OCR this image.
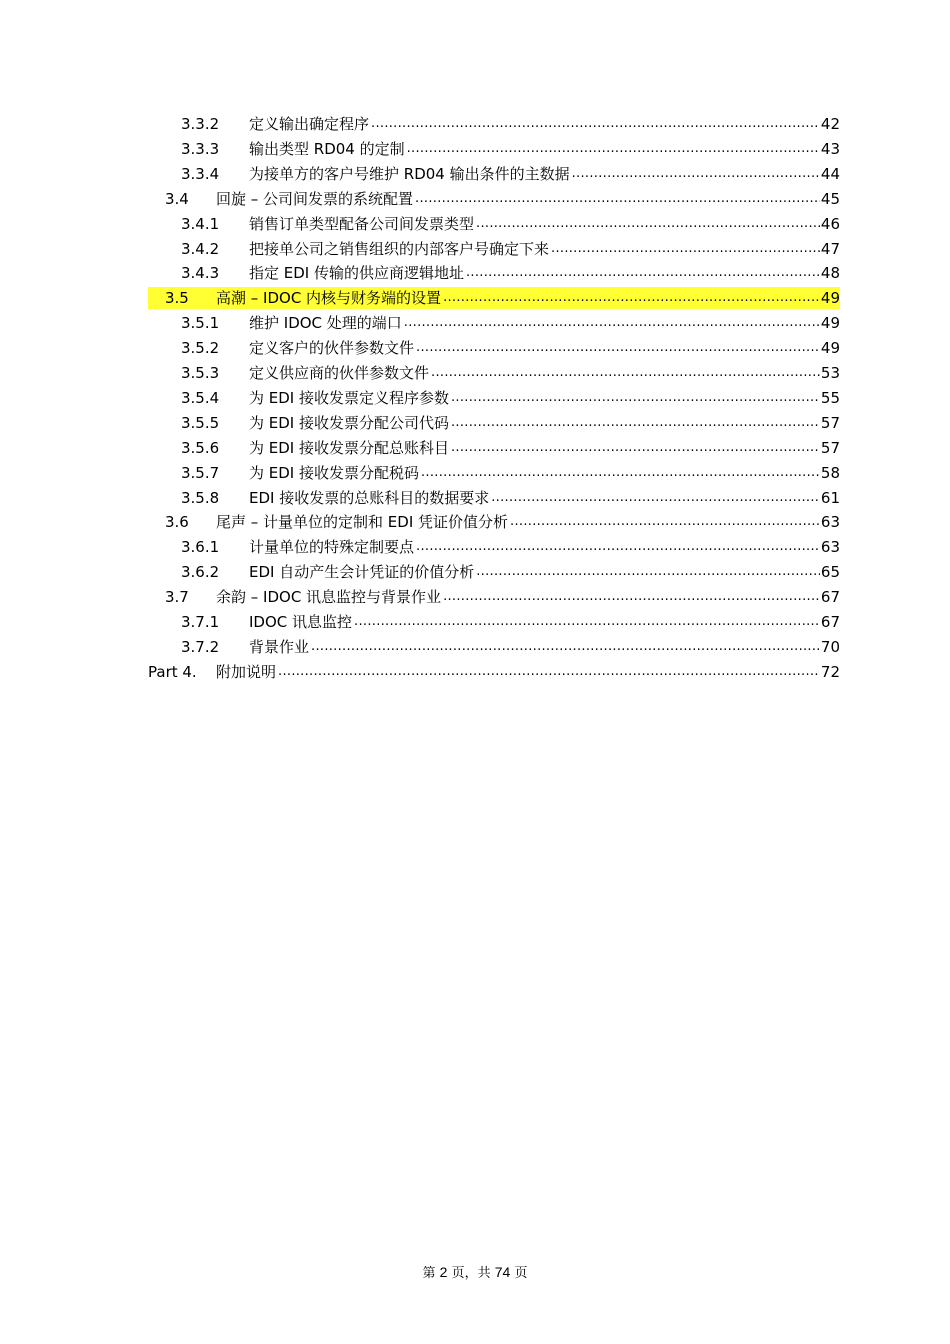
3.3.2 定义输出确定程序 .....	42
3.3.3 输出类型 RD04 的定制 .....	43
3.3.4 为接单方的客户号维护 RD04 输出条件的主数据 .....	44
3.4 回旋 – 公司间发票的系统配置 .....	45
3.4.1 销售订单类型配备公司间发票类型 .....	46
3.4.2 把接单公司之销售组织的内部客户号确定下来 .....	47
3.4.3 指定 EDI 传输的供应商逻辑地址 .....	48
3.5 高潮 – IDOC 内核与财务端的设置 .....	49
3.5.1 维护 IDOC 处理的端口 .....	49
3.5.2 定义客户的伙伴参数文件 .....	49
3.5.3 定义供应商的伙伴参数文件 .....	53
3.5.4 为 EDI 接收发票定义程序参数 .....	55
3.5.5 为 EDI 接收发票分配公司代码 .....	57
3.5.6 为 EDI 接收发票分配总账科目 .....	57
3.5.7 为 EDI 接收发票分配税码 .....	58
3.5.8 EDI 接收发票的总账科目的数据要求 .....	61
3.6 尾声 – 计量单位的定制和 EDI 凭证价值分析 .....	63
3.6.1 计量单位的特殊定制要点 .....	63
3.6.2 EDI 自动产生会计凭证的价值分析 .....	65
3.7 余韵 – IDOC 讯息监控与背景作业 .....	67
3.7.1 IDOC 讯息监控 .....	67
3.7.2 背景作业 .....	70
Part 4. 附加说明 .....	72
第 2 页，共 74 页
